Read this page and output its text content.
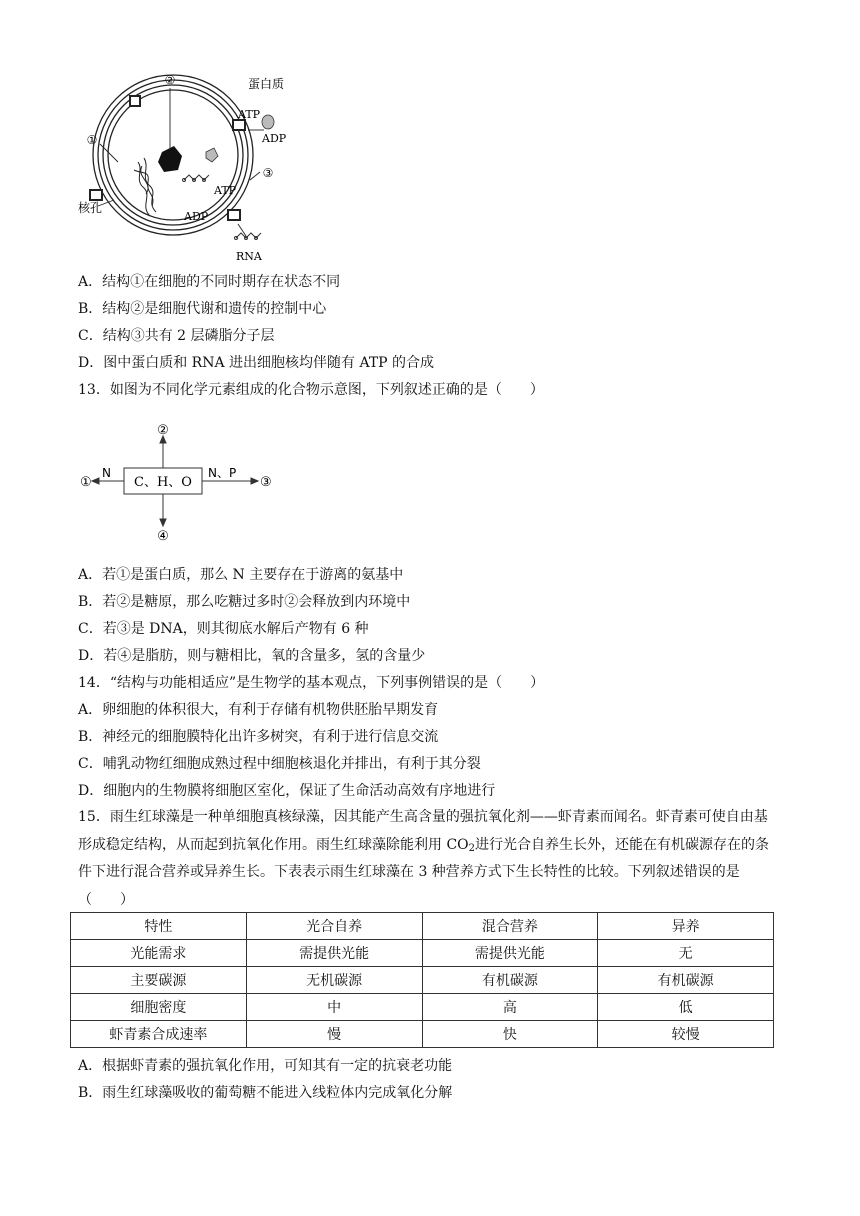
②
①
③
核孔
蛋白质
ATP
ADP
ATP
ADP
RNA
A．结构①在细胞的不同时期存在状态不同
B．结构②是细胞代谢和遗传的控制中心
C．结构③共有 2 层磷脂分子层
D．图中蛋白质和 RNA 进出细胞核均伴随有 ATP 的合成
13．如图为不同化学元素组成的化合物示意图，下列叙述正确的是（　　）
C、H、O
②
④
①	③
N	N、P
A．若①是蛋白质，那么 N 主要存在于游离的氨基中
B．若②是糖原，那么吃糖过多时②会释放到内环境中
C．若③是 DNA，则其彻底水解后产物有 6 种
D．若④是脂肪，则与糖相比，氧的含量多，氢的含量少
14．“结构与功能相适应”是生物学的基本观点，下列事例错误的是（　　）
A．卵细胞的体积很大，有利于存储有机物供胚胎早期发育
B．神经元的细胞膜特化出许多树突，有利于进行信息交流
C．哺乳动物红细胞成熟过程中细胞核退化并排出，有利于其分裂
D．细胞内的生物膜将细胞区室化，保证了生命活动高效有序地进行
15．雨生红球藻是一种单细胞真核绿藻，因其能产生高含量的强抗氧化剂——虾青素而闻名。虾青素可使自由基形成稳定结构，从而起到抗氧化作用。雨生红球藻除能利用 $CO_2$进行光合自养生长外，还能在有机碳源存在的条件下进行混合营养或异养生长。下表表示雨生红球藻在 3 种营养方式下生长特性的比较。下列叙述错误的是（　　）
特性	光合自养	混合营养	异养
光能需求	需提供光能	需提供光能	无
主要碳源	无机碳源	有机碳源	有机碳源
细胞密度	中	高	低
虾青素合成速率	慢	快	较慢
A．根据虾青素的强抗氧化作用，可知其有一定的抗衰老功能
B．雨生红球藻吸收的葡萄糖不能进入线粒体内完成氧化分解
